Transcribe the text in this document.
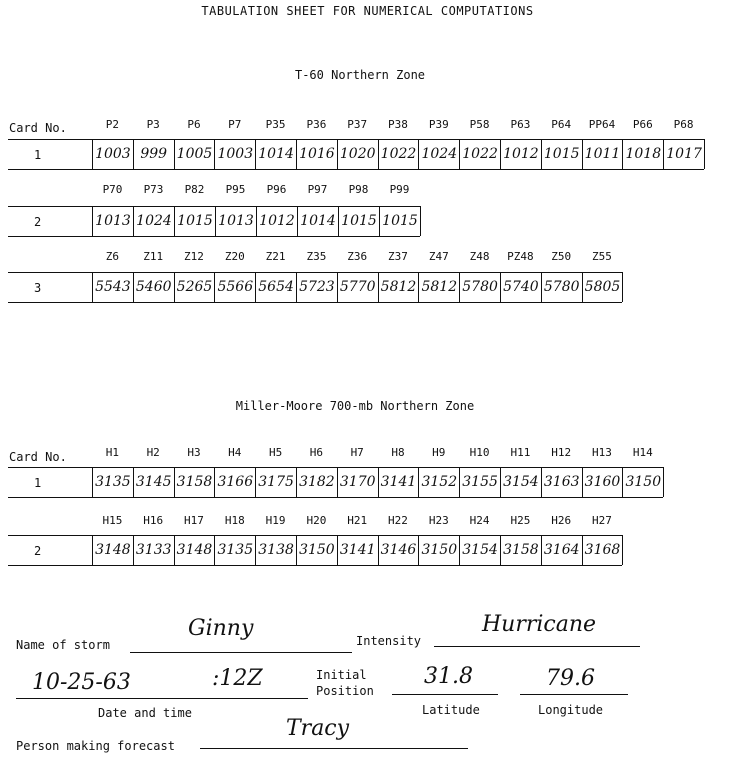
TABULATION SHEET FOR NUMERICAL COMPUTATIONS
T-60 Northern Zone
Card No.	P2	P3	P6	P7	P35	P36	P37	P38	P39	P58	P63	P64	PP64	P66	P68
1	1003 999 1005 1003 1014 1016 1020 1022 1024 1022 1012 1015 1011 1018 1017
P70	P73	P82	P95	P96	P97	P98	P99
2	1013 1024 1015 1013 1012 1014 1015 1015
Z6	Z11	Z12	Z20	Z21	Z35	Z36	Z37	Z47	Z48	PZ48	Z50	Z55
3	5543 5460 5265 5566 5654 5723 5770 5812 5812 5780 5740 5780 5805
Miller-Moore 700-mb Northern Zone
Card No.	H1	H2	H3	H4	H5	H6	H7	H8	H9	H10	H11	H12	H13	H14
1	3135 3145 3158 3166 3175 3182 3170 3141 3152 3155 3154 3163 3160 3150
H15	H16	H17	H18	H19	H20	H21	H22	H23	H24	H25	H26	H27
2	3148 3133 3148 3135 3138 3150 3141 3146 3150 3154 3158 3164 3168
Name of storm
Ginny	Intensity
Hurricane
10-25-63	:12Z	Initial
Position
31.8	79.6
Date and time	Latitude	Longitude
Person making forecast
Tracy
